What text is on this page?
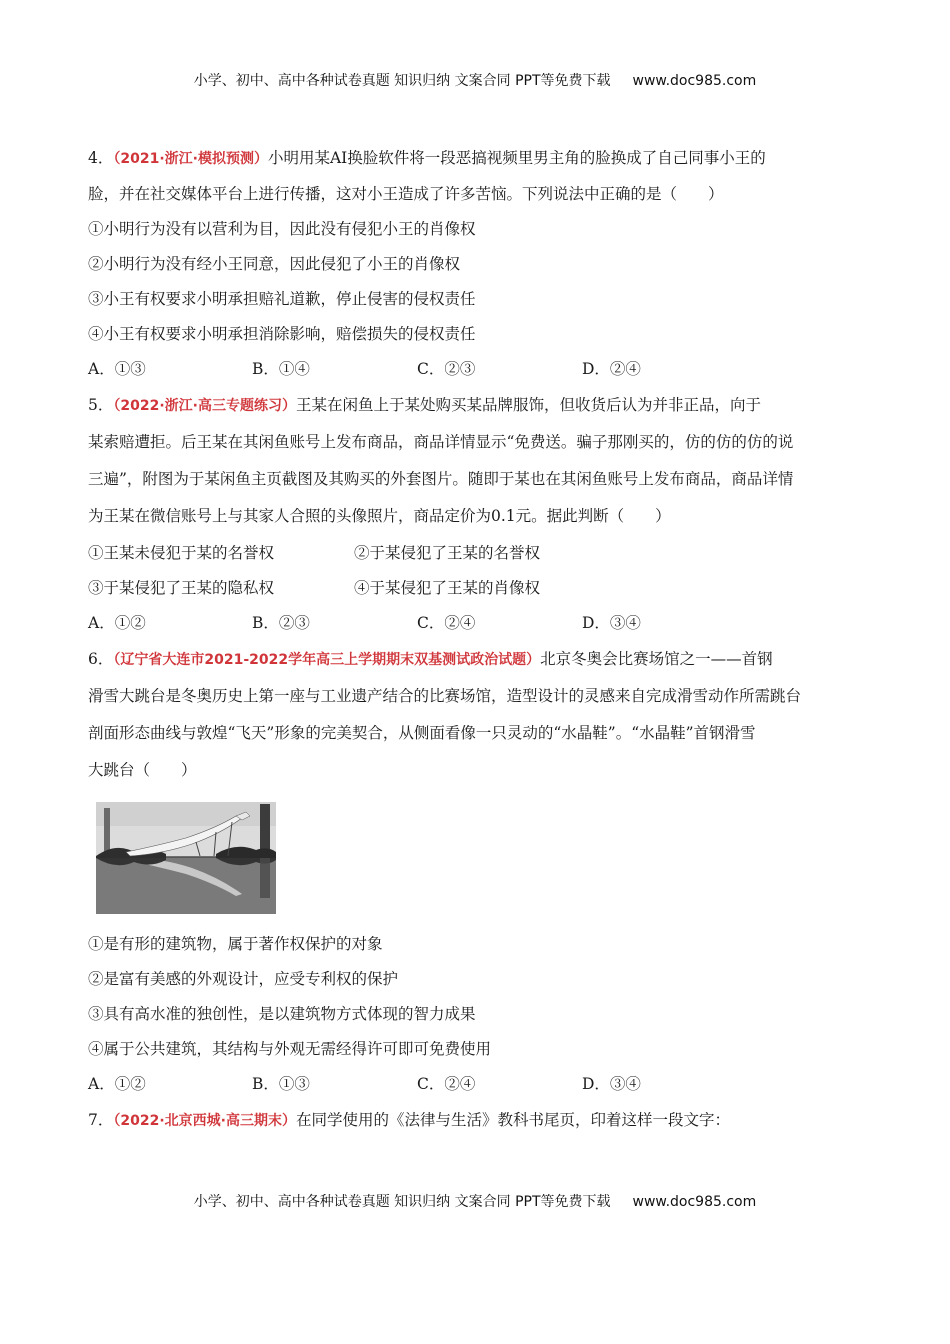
小学、初中、高中各种试卷真题 知识归纳 文案合同 PPT等免费下载 www.doc985.com
4．（2021·浙江·模拟预测）小明用某AI换脸软件将一段恶搞视频里男主角的脸换成了自己同事小王的
脸，并在社交媒体平台上进行传播，这对小王造成了许多苦恼。下列说法中正确的是（　　）
①小明行为没有以营利为目，因此没有侵犯小王的肖像权
②小明行为没有经小王同意，因此侵犯了小王的肖像权
③小王有权要求小明承担赔礼道歉，停止侵害的侵权责任
④小王有权要求小明承担消除影响，赔偿损失的侵权责任
A．①③	B．①④	C．②③	D．②④
5．（2022·浙江·高三专题练习）王某在闲鱼上于某处购买某品牌服饰，但收货后认为并非正品，向于
某索赔遭拒。后王某在其闲鱼账号上发布商品，商品详情显示“免费送。骗子那刚买的，仿的仿的仿的说
三遍”，附图为于某闲鱼主页截图及其购买的外套图片。随即于某也在其闲鱼账号上发布商品，商品详情
为王某在微信账号上与其家人合照的头像照片，商品定价为0.1元。据此判断（　　）
①王某未侵犯于某的名誉权	②于某侵犯了王某的名誉权
③于某侵犯了王某的隐私权	④于某侵犯了王某的肖像权
A．①②	B．②③	C．②④	D．③④
6．（辽宁省大连市2021-2022学年高三上学期期末双基测试政治试题）北京冬奥会比赛场馆之一——首钢
滑雪大跳台是冬奥历史上第一座与工业遗产结合的比赛场馆，造型设计的灵感来自完成滑雪动作所需跳台
剖面形态曲线与敦煌“飞天”形象的完美契合，从侧面看像一只灵动的“水晶鞋”。“水晶鞋”首钢滑雪
大跳台（　　）
①是有形的建筑物，属于著作权保护的对象
②是富有美感的外观设计，应受专利权的保护
③具有高水准的独创性，是以建筑物方式体现的智力成果
④属于公共建筑，其结构与外观无需经得许可即可免费使用
A．①②	B．①③	C．②④	D．③④
7．（2022·北京西城·高三期末）在同学使用的《法律与生活》教科书尾页，印着这样一段文字：
小学、初中、高中各种试卷真题 知识归纳 文案合同 PPT等免费下载 www.doc985.com
